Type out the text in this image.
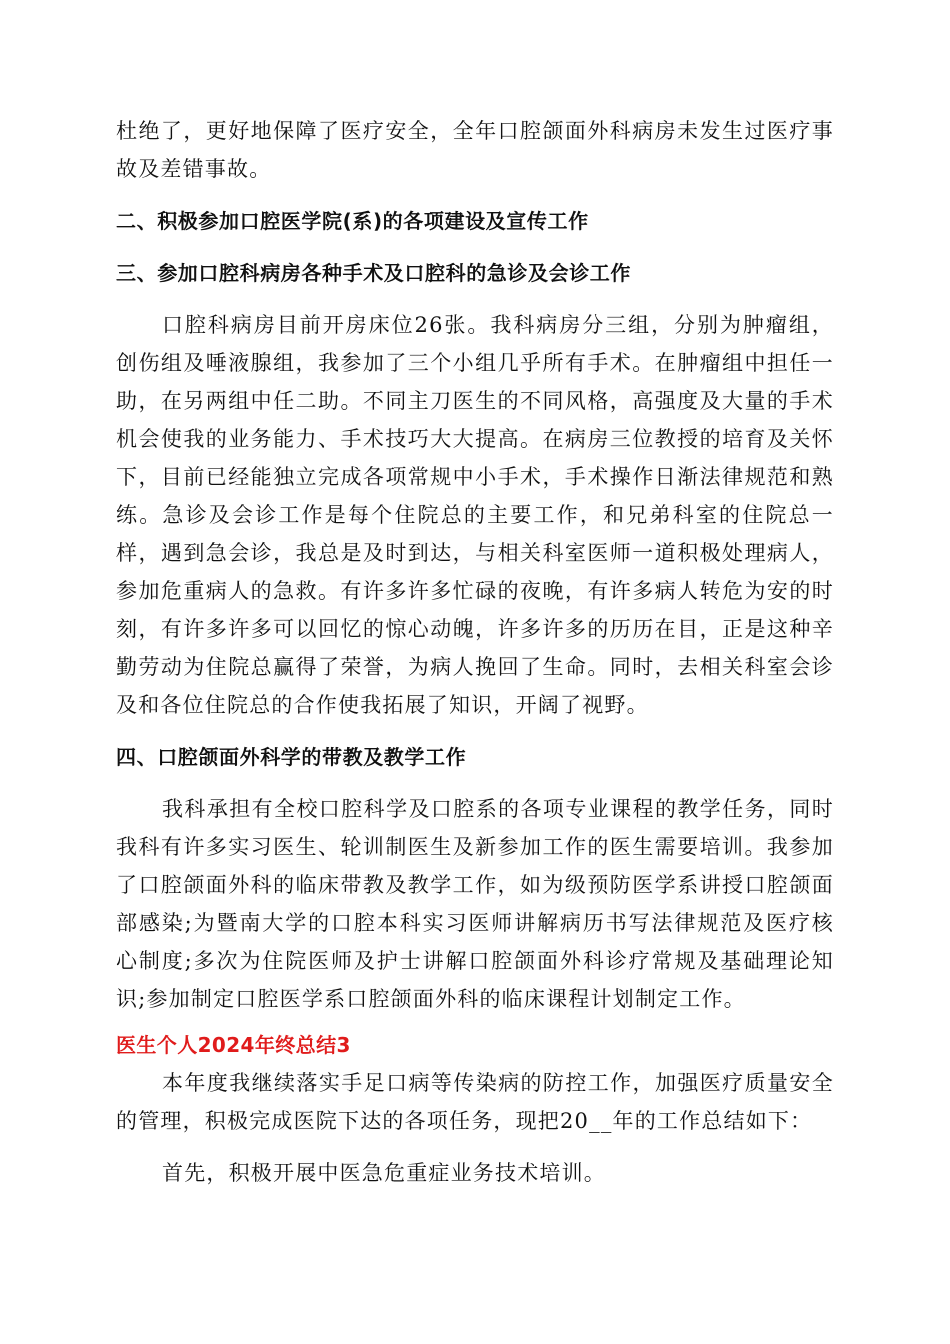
杜绝了，更好地保障了医疗安全，全年口腔颌面外科病房未发生过医疗事故及差错事故。

二、积极参加口腔医学院(系)的各项建设及宣传工作
三、参加口腔科病房各种手术及口腔科的急诊及会诊工作

口腔科病房目前开房床位26张。我科病房分三组，分别为肿瘤组，创伤组及唾液腺组，我参加了三个小组几乎所有手术。在肿瘤组中担任一助，在另两组中任二助。不同主刀医生的不同风格，高强度及大量的手术机会使我的业务能力、手术技巧大大提高。在病房三位教授的培育及关怀下，目前已经能独立完成各项常规中小手术，手术操作日渐法律规范和熟练。急诊及会诊工作是每个住院总的主要工作，和兄弟科室的住院总一样，遇到急会诊，我总是及时到达，与相关科室医师一道积极处理病人，参加危重病人的急救。有许多许多忙碌的夜晚，有许多病人转危为安的时刻，有许多许多可以回忆的惊心动魄，许多许多的历历在目，正是这种辛勤劳动为住院总赢得了荣誉，为病人挽回了生命。同时，去相关科室会诊及和各位住院总的合作使我拓展了知识，开阔了视野。

四、口腔颌面外科学的带教及教学工作

我科承担有全校口腔科学及口腔系的各项专业课程的教学任务，同时我科有许多实习医生、轮训制医生及新参加工作的医生需要培训。我参加了口腔颌面外科的临床带教及教学工作，如为级预防医学系讲授口腔颌面部感染;为暨南大学的口腔本科实习医师讲解病历书写法律规范及医疗核心制度;多次为住院医师及护士讲解口腔颌面外科诊疗常规及基础理论知识;参加制定口腔医学系口腔颌面外科的临床课程计划制定工作。

医生个人2024年终总结3

本年度我继续落实手足口病等传染病的防控工作，加强医疗质量安全的管理，积极完成医院下达的各项任务，现把20__年的工作总结如下：

首先，积极开展中医急危重症业务技术培训。
